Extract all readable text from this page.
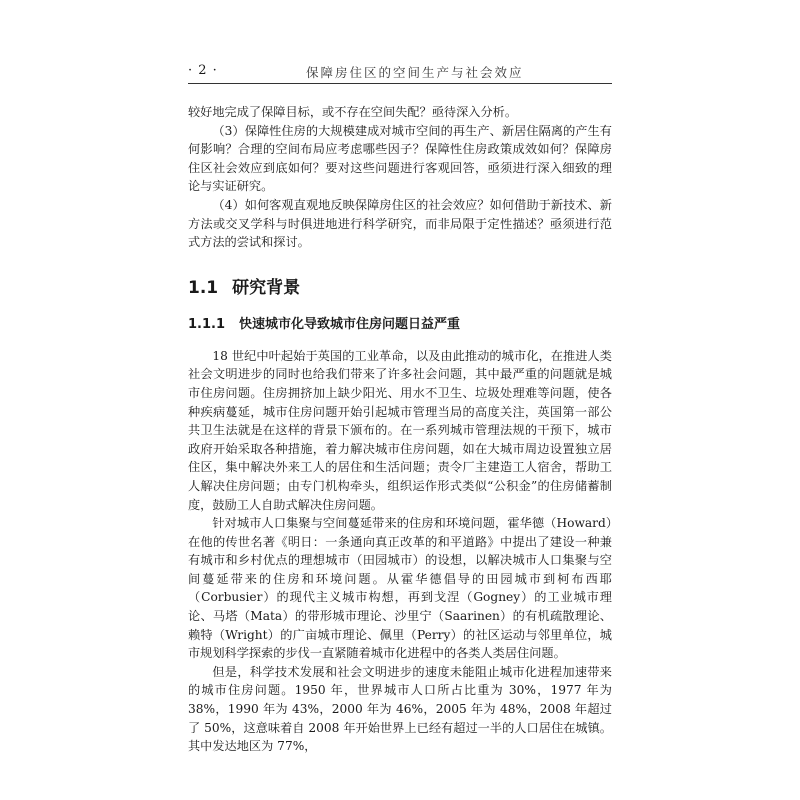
· 2 ·	保障房住区的空间生产与社会效应

较好地完成了保障目标，或不存在空间失配？亟待深入分析。

（3）保障性住房的大规模建成对城市空间的再生产、新居住隔离的产生有何影响？合理的空间布局应考虑哪些因子？保障性住房政策成效如何？保障房住区社会效应到底如何？要对这些问题进行客观回答，亟须进行深入细致的理论与实证研究。

（4）如何客观直观地反映保障房住区的社会效应？如何借助于新技术、新方法或交叉学科与时俱进地进行科学研究，而非局限于定性描述？亟须进行范式方法的尝试和探讨。

1.1 研究背景
1.1.1 快速城市化导致城市住房问题日益严重

18 世纪中叶起始于英国的工业革命，以及由此推动的城市化，在推进人类社会文明进步的同时也给我们带来了许多社会问题，其中最严重的问题就是城市住房问题。住房拥挤加上缺少阳光、用水不卫生、垃圾处理难等问题，使各种疾病蔓延，城市住房问题开始引起城市管理当局的高度关注，英国第一部公共卫生法就是在这样的背景下颁布的。在一系列城市管理法规的干预下，城市政府开始采取各种措施，着力解决城市住房问题，如在大城市周边设置独立居住区，集中解决外来工人的居住和生活问题；责令厂主建造工人宿舍，帮助工人解决住房问题；由专门机构牵头，组织运作形式类似“公积金”的住房储蓄制度，鼓励工人自助式解决住房问题。

针对城市人口集聚与空间蔓延带来的住房和环境问题，霍华德（Howard）在他的传世名著《明日：一条通向真正改革的和平道路》中提出了建设一种兼有城市和乡村优点的理想城市（田园城市）的设想，以解决城市人口集聚与空间蔓延带来的住房和环境问题。从霍华德倡导的田园城市到柯布西耶（Corbusier）的现代主义城市构想，再到戈涅（Gogney）的工业城市理论、马塔（Mata）的带形城市理论、沙里宁（Saarinen）的有机疏散理论、赖特（Wright）的广亩城市理论、佩里（Perry）的社区运动与邻里单位，城市规划科学探索的步伐一直紧随着城市化进程中的各类人类居住问题。

但是，科学技术发展和社会文明进步的速度未能阻止城市化进程加速带来的城市住房问题。1950 年，世界城市人口所占比重为 30%，1977 年为 38%，1990 年为 43%，2000 年为 46%，2005 年为 48%，2008 年超过了 50%，这意味着自 2008 年开始世界上已经有超过一半的人口居住在城镇。其中发达地区为 77%，
